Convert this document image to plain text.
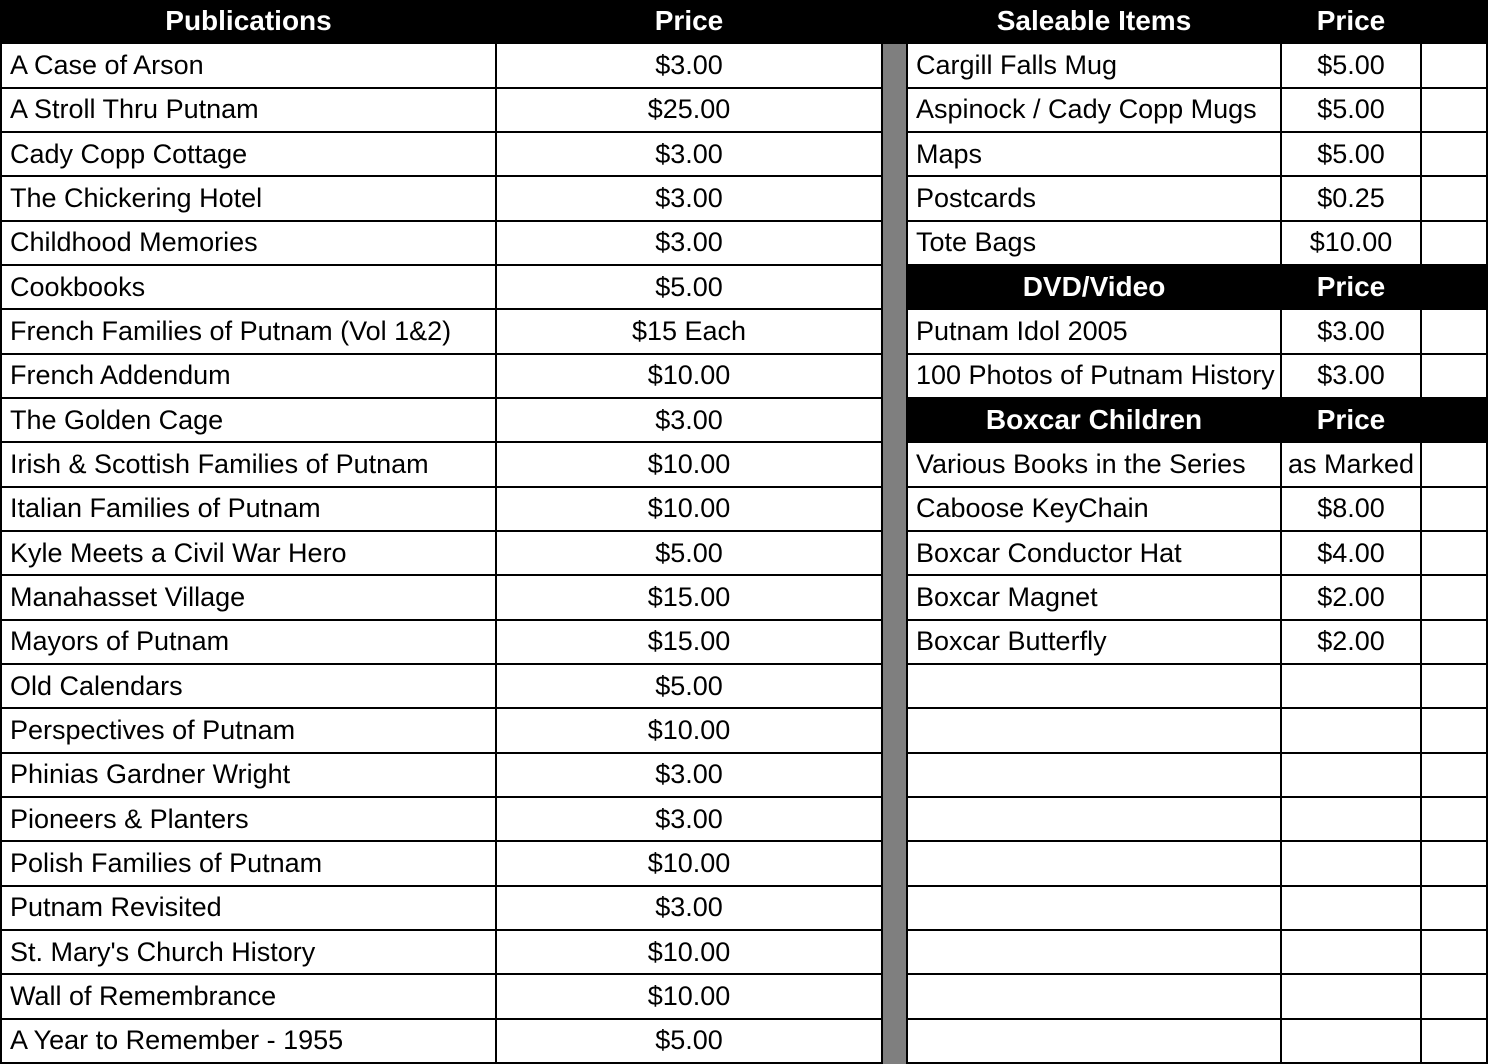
Publications	Price
A Case of Arson	$3.00
A Stroll Thru Putnam	$25.00
Cady Copp Cottage	$3.00
The Chickering Hotel	$3.00
Childhood Memories	$3.00
Cookbooks	$5.00
French Families of Putnam (Vol 1&2)	$15 Each
French Addendum	$10.00
The Golden Cage	$3.00
Irish & Scottish Families of Putnam	$10.00
Italian Families of Putnam	$10.00
Kyle Meets a Civil War Hero	$5.00
Manahasset Village	$15.00
Mayors of Putnam	$15.00
Old Calendars	$5.00
Perspectives of Putnam	$10.00
Phinias Gardner Wright	$3.00
Pioneers & Planters	$3.00
Polish Families of Putnam	$10.00
Putnam Revisited	$3.00
St. Mary's Church History	$10.00
Wall of Remembrance	$10.00
A Year to Remember - 1955	$5.00
Saleable Items	Price
Cargill Falls Mug	$5.00
Aspinock / Cady Copp Mugs	$5.00
Maps	$5.00
Postcards	$0.25
Tote Bags	$10.00
DVD/Video	Price
Putnam Idol 2005	$3.00
100 Photos of Putnam History	$3.00
Boxcar Children	Price
Various Books in the Series	as Marked
Caboose KeyChain	$8.00
Boxcar Conductor Hat	$4.00
Boxcar Magnet	$2.00
Boxcar Butterfly	$2.00
